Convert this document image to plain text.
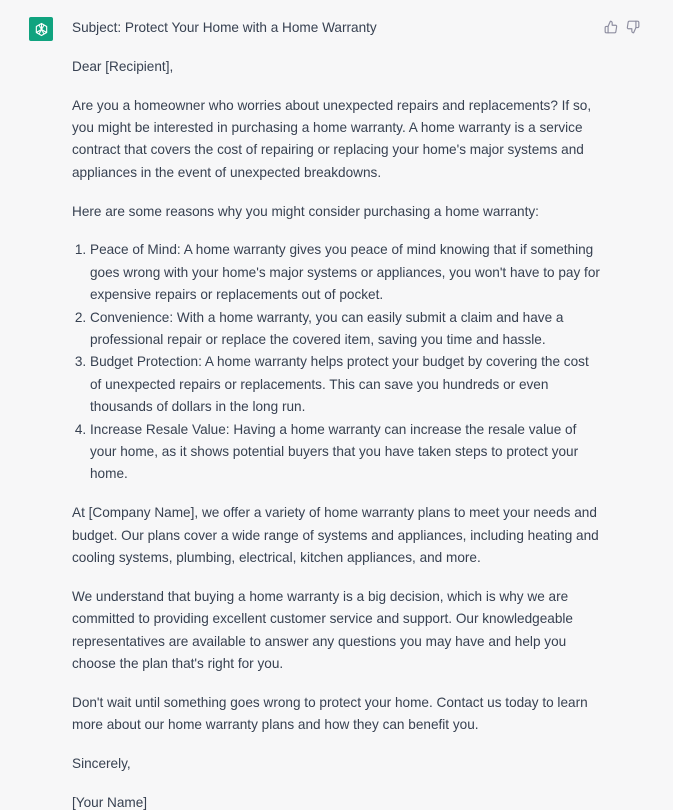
Subject: Protect Your Home with a Home Warranty

Dear [Recipient],

Are you a homeowner who worries about unexpected repairs and replacements? If so, you might be interested in purchasing a home warranty. A home warranty is a service contract that covers the cost of repairing or replacing your home's major systems and appliances in the event of unexpected breakdowns.

Here are some reasons why you might consider purchasing a home warranty:

1. Peace of Mind: A home warranty gives you peace of mind knowing that if something goes wrong with your home's major systems or appliances, you won't have to pay for expensive repairs or replacements out of pocket.
2. Convenience: With a home warranty, you can easily submit a claim and have a professional repair or replace the covered item, saving you time and hassle.
3. Budget Protection: A home warranty helps protect your budget by covering the cost of unexpected repairs or replacements. This can save you hundreds or even thousands of dollars in the long run.
4. Increase Resale Value: Having a home warranty can increase the resale value of your home, as it shows potential buyers that you have taken steps to protect your home.

At [Company Name], we offer a variety of home warranty plans to meet your needs and budget. Our plans cover a wide range of systems and appliances, including heating and cooling systems, plumbing, electrical, kitchen appliances, and more.

We understand that buying a home warranty is a big decision, which is why we are committed to providing excellent customer service and support. Our knowledgeable representatives are available to answer any questions you may have and help you choose the plan that's right for you.

Don't wait until something goes wrong to protect your home. Contact us today to learn more about our home warranty plans and how they can benefit you.

Sincerely,

[Your Name]
